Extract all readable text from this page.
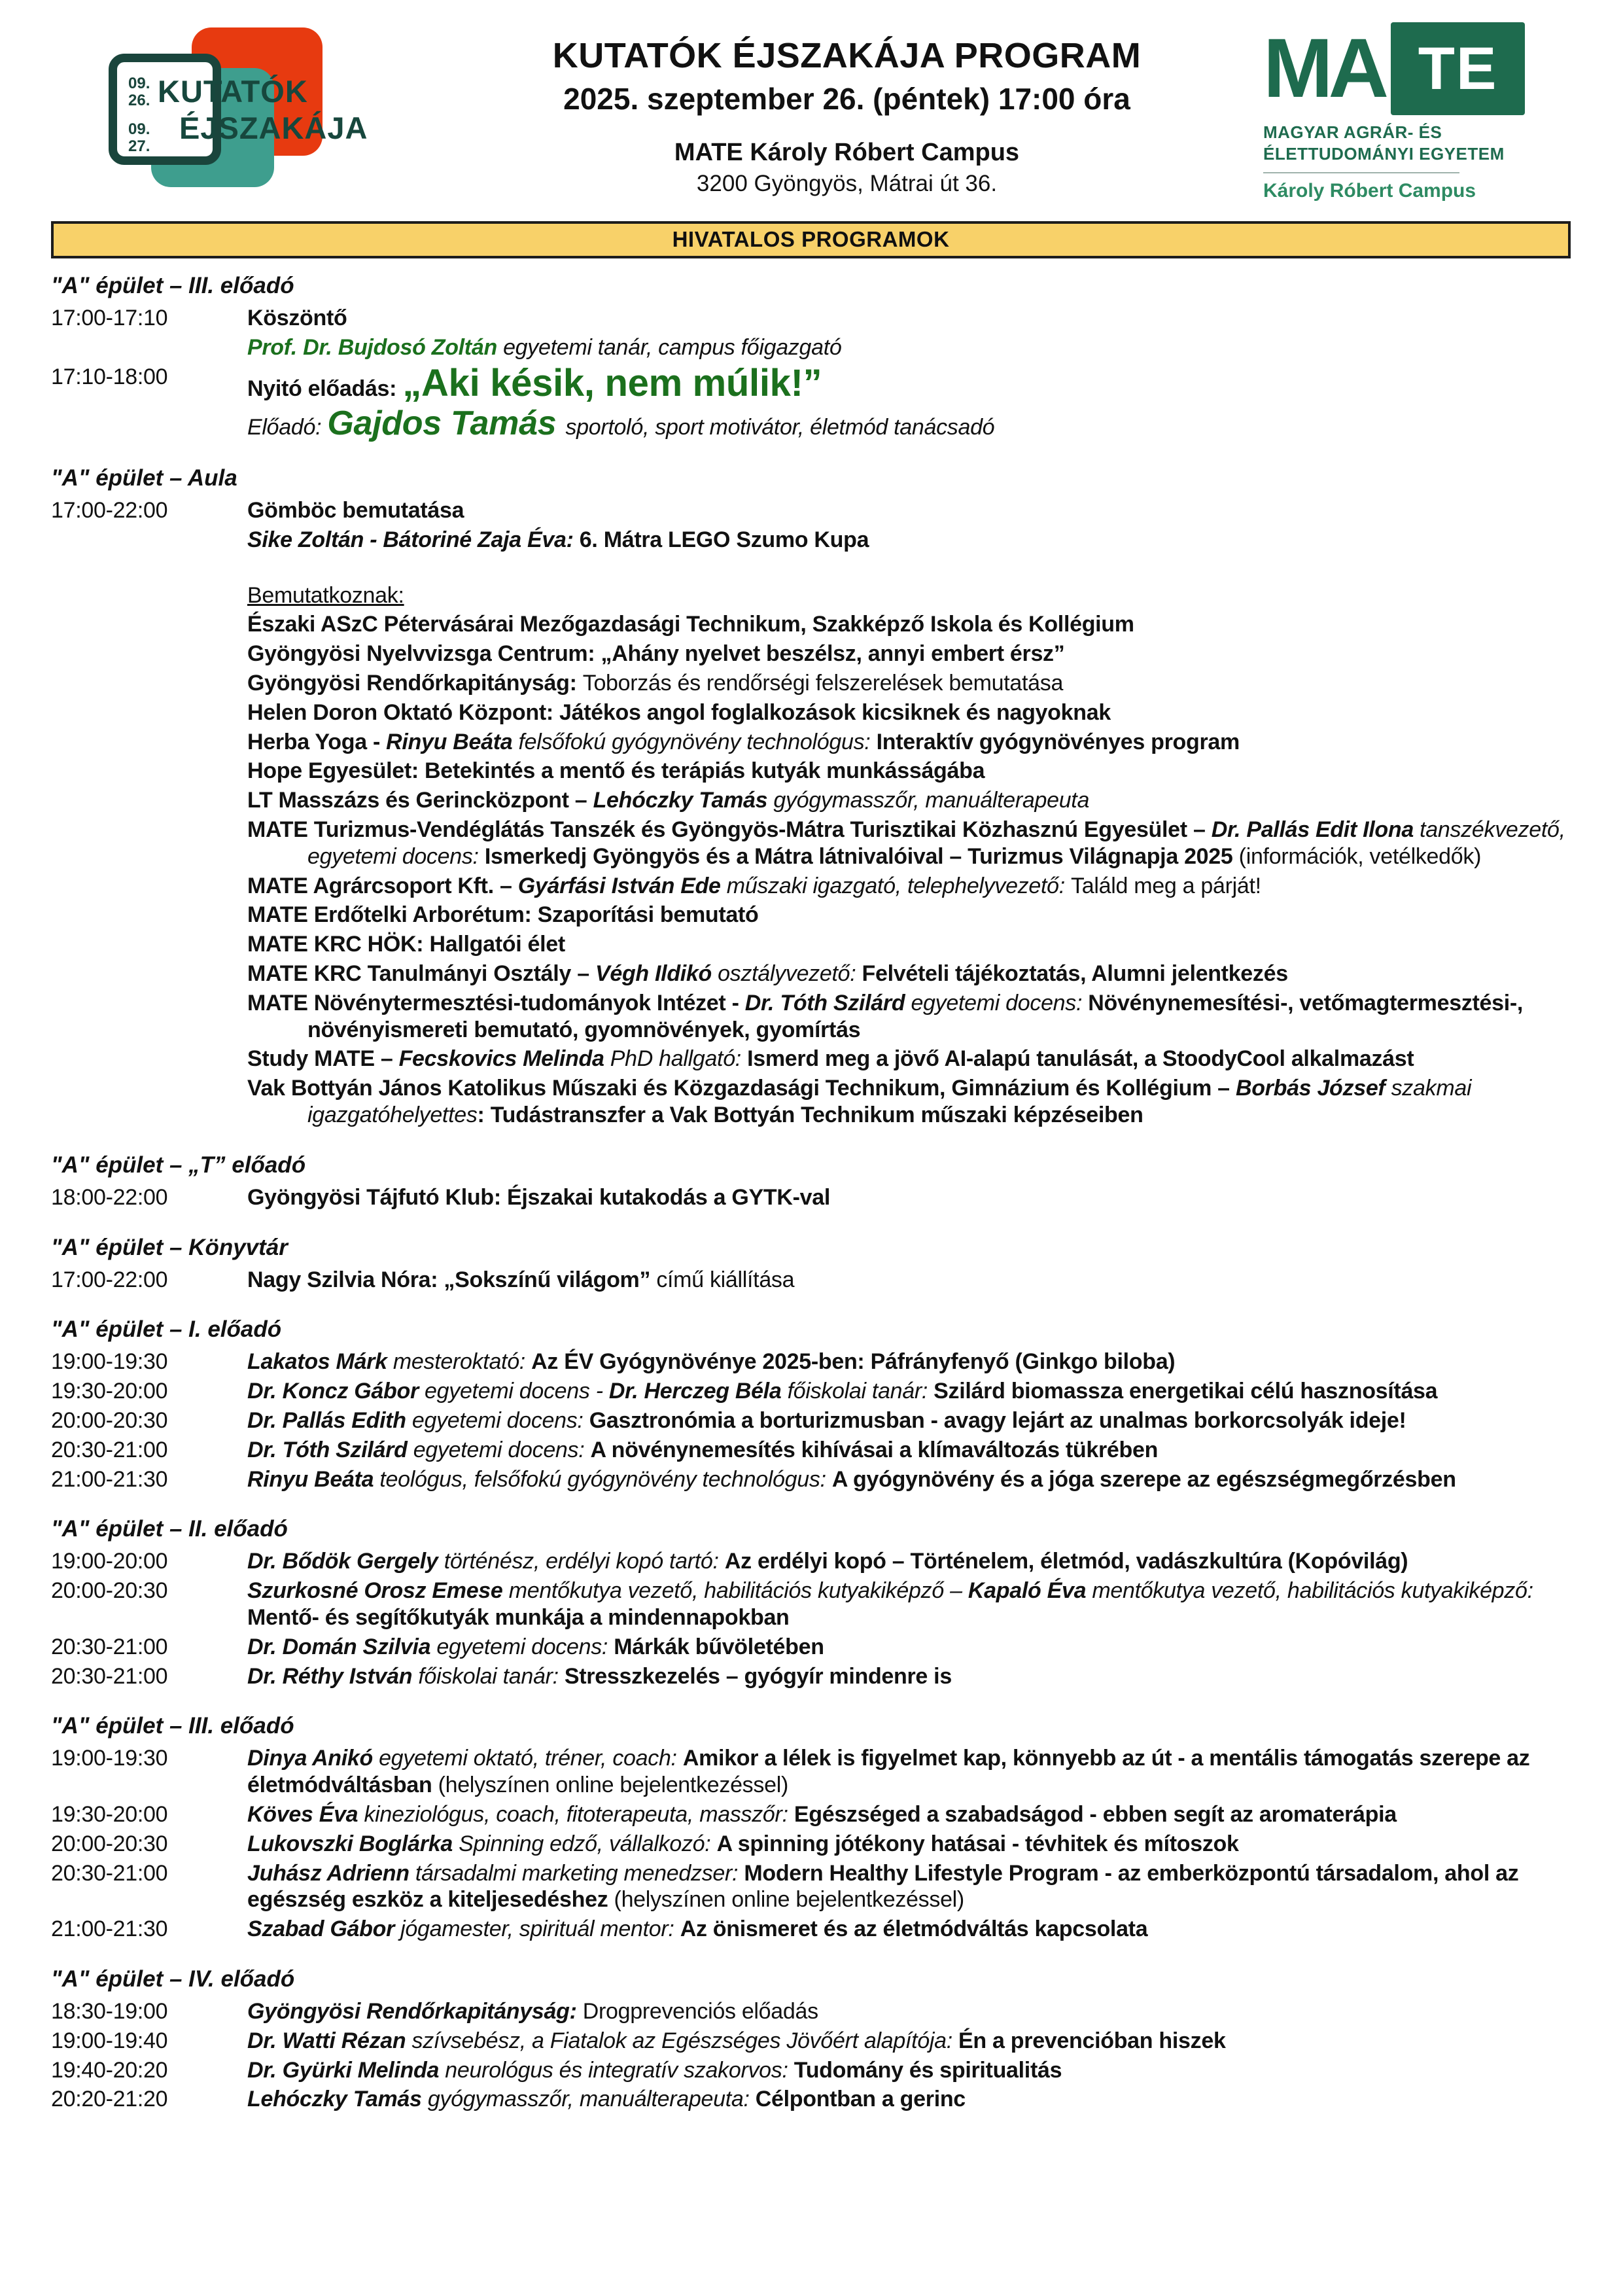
09.
26.
09.
27.
KUTATÓK
ÉJSZAKÁJA
KUTATÓK ÉJSZAKÁJA PROGRAM
2025. szeptember 26. (péntek) 17:00 óra
MATE Károly Róbert Campus
3200 Gyöngyös, Mátrai út 36.
MA TE
MAGYAR AGRÁR- ÉS
ÉLETTUDOMÁNYI EGYETEM
Károly Róbert Campus
HIVATALOS PROGRAMOK
"A" épület – III. előadó
17:00-17:10	Köszöntő
Prof. Dr. Bujdosó Zoltán egyetemi tanár, campus főigazgató
17:10-18:00	Nyitó előadás: „Aki késik, nem múlik!”
Előadó: Gajdos Tamás sportoló, sport motivátor, életmód tanácsadó
"A" épület – Aula
17:00-22:00	Gömböc bemutatása
Sike Zoltán - Bátoriné Zaja Éva: 6. Mátra LEGO Szumo Kupa
Bemutatkoznak:
Északi ASzC Pétervásárai Mezőgazdasági Technikum, Szakképző Iskola és Kollégium
Gyöngyösi Nyelvvizsga Centrum: „Ahány nyelvet beszélsz, annyi embert érsz”
Gyöngyösi Rendőrkapitányság: Toborzás és rendőrségi felszerelések bemutatása
Helen Doron Oktató Központ: Játékos angol foglalkozások kicsiknek és nagyoknak
Herba Yoga - Rinyu Beáta felsőfokú gyógynövény technológus: Interaktív gyógynövényes program
Hope Egyesület: Betekintés a mentő és terápiás kutyák munkásságába
LT Masszázs és Gerincközpont – Lehóczky Tamás gyógymasszőr, manuálterapeuta
MATE Turizmus-Vendéglátás Tanszék és Gyöngyös-Mátra Turisztikai Közhasznú Egyesület – Dr. Pallás Edit Ilona tanszékvezető, egyetemi docens: Ismerkedj Gyöngyös és a Mátra látnivalóival – Turizmus Világnapja 2025 (információk, vetélkedők)
MATE Agrárcsoport Kft. – Gyárfási István Ede műszaki igazgató, telephelyvezető: Találd meg a párját!
MATE Erdőtelki Arborétum: Szaporítási bemutató
MATE KRC HÖK: Hallgatói élet
MATE KRC Tanulmányi Osztály – Végh Ildikó osztályvezető: Felvételi tájékoztatás, Alumni jelentkezés
MATE Növénytermesztési-tudományok Intézet - Dr. Tóth Szilárd egyetemi docens: Növénynemesítési-, vetőmagtermesztési-, növényismereti bemutató, gyomnövények, gyomírtás
Study MATE – Fecskovics Melinda PhD hallgató: Ismerd meg a jövő AI-alapú tanulását, a StoodyCool alkalmazást
Vak Bottyán János Katolikus Műszaki és Közgazdasági Technikum, Gimnázium és Kollégium – Borbás József szakmai igazgatóhelyettes: Tudástranszfer a Vak Bottyán Technikum műszaki képzéseiben
"A" épület – „T” előadó
18:00-22:00	Gyöngyösi Tájfutó Klub: Éjszakai kutakodás a GYTK-val
"A" épület – Könyvtár
17:00-22:00	Nagy Szilvia Nóra: „Sokszínű világom” című kiállítása
"A" épület – I. előadó
19:00-19:30	Lakatos Márk mesteroktató: Az ÉV Gyógynövénye 2025-ben: Páfrányfenyő (Ginkgo biloba)
19:30-20:00	Dr. Koncz Gábor egyetemi docens - Dr. Herczeg Béla főiskolai tanár: Szilárd biomassza energetikai célú hasznosítása
20:00-20:30	Dr. Pallás Edith egyetemi docens: Gasztronómia a borturizmusban - avagy lejárt az unalmas borkorcsolyák ideje!
20:30-21:00	Dr. Tóth Szilárd egyetemi docens: A növénynemesítés kihívásai a klímaváltozás tükrében
21:00-21:30	Rinyu Beáta teológus, felsőfokú gyógynövény technológus: A gyógynövény és a jóga szerepe az egészségmegőrzésben
"A" épület – II. előadó
19:00-20:00	Dr. Bődök Gergely történész, erdélyi kopó tartó: Az erdélyi kopó – Történelem, életmód, vadászkultúra (Kopóvilág)
20:00-20:30	Szurkosné Orosz Emese mentőkutya vezető, habilitációs kutyakiképző – Kapaló Éva mentőkutya vezető, habilitációs kutyakiképző: Mentő- és segítőkutyák munkája a mindennapokban
20:30-21:00	Dr. Domán Szilvia egyetemi docens: Márkák bűvöletében
20:30-21:00	Dr. Réthy István főiskolai tanár: Stresszkezelés – gyógyír mindenre is
"A" épület – III. előadó
19:00-19:30	Dinya Anikó egyetemi oktató, tréner, coach: Amikor a lélek is figyelmet kap, könnyebb az út - a mentális támogatás szerepe az életmódváltásban (helyszínen online bejelentkezéssel)
19:30-20:00	Köves Éva kineziológus, coach, fitoterapeuta, masszőr: Egészséged a szabadságod - ebben segít az aromaterápia
20:00-20:30	Lukovszki Boglárka Spinning edző, vállalkozó: A spinning jótékony hatásai - tévhitek és mítoszok
20:30-21:00	Juhász Adrienn társadalmi marketing menedzser: Modern Healthy Lifestyle Program - az emberközpontú társadalom, ahol az egészség eszköz a kiteljesedéshez (helyszínen online bejelentkezéssel)
21:00-21:30	Szabad Gábor jógamester, spirituál mentor: Az önismeret és az életmódváltás kapcsolata
"A" épület – IV. előadó
18:30-19:00	Gyöngyösi Rendőrkapitányság: Drogprevenciós előadás
19:00-19:40	Dr. Watti Rézan szívsebész, a Fiatalok az Egészséges Jövőért alapítója: Én a prevencióban hiszek
19:40-20:20	Dr. Gyürki Melinda neurológus és integratív szakorvos: Tudomány és spiritualitás
20:20-21:20	Lehóczky Tamás gyógymasszőr, manuálterapeuta: Célpontban a gerinc
